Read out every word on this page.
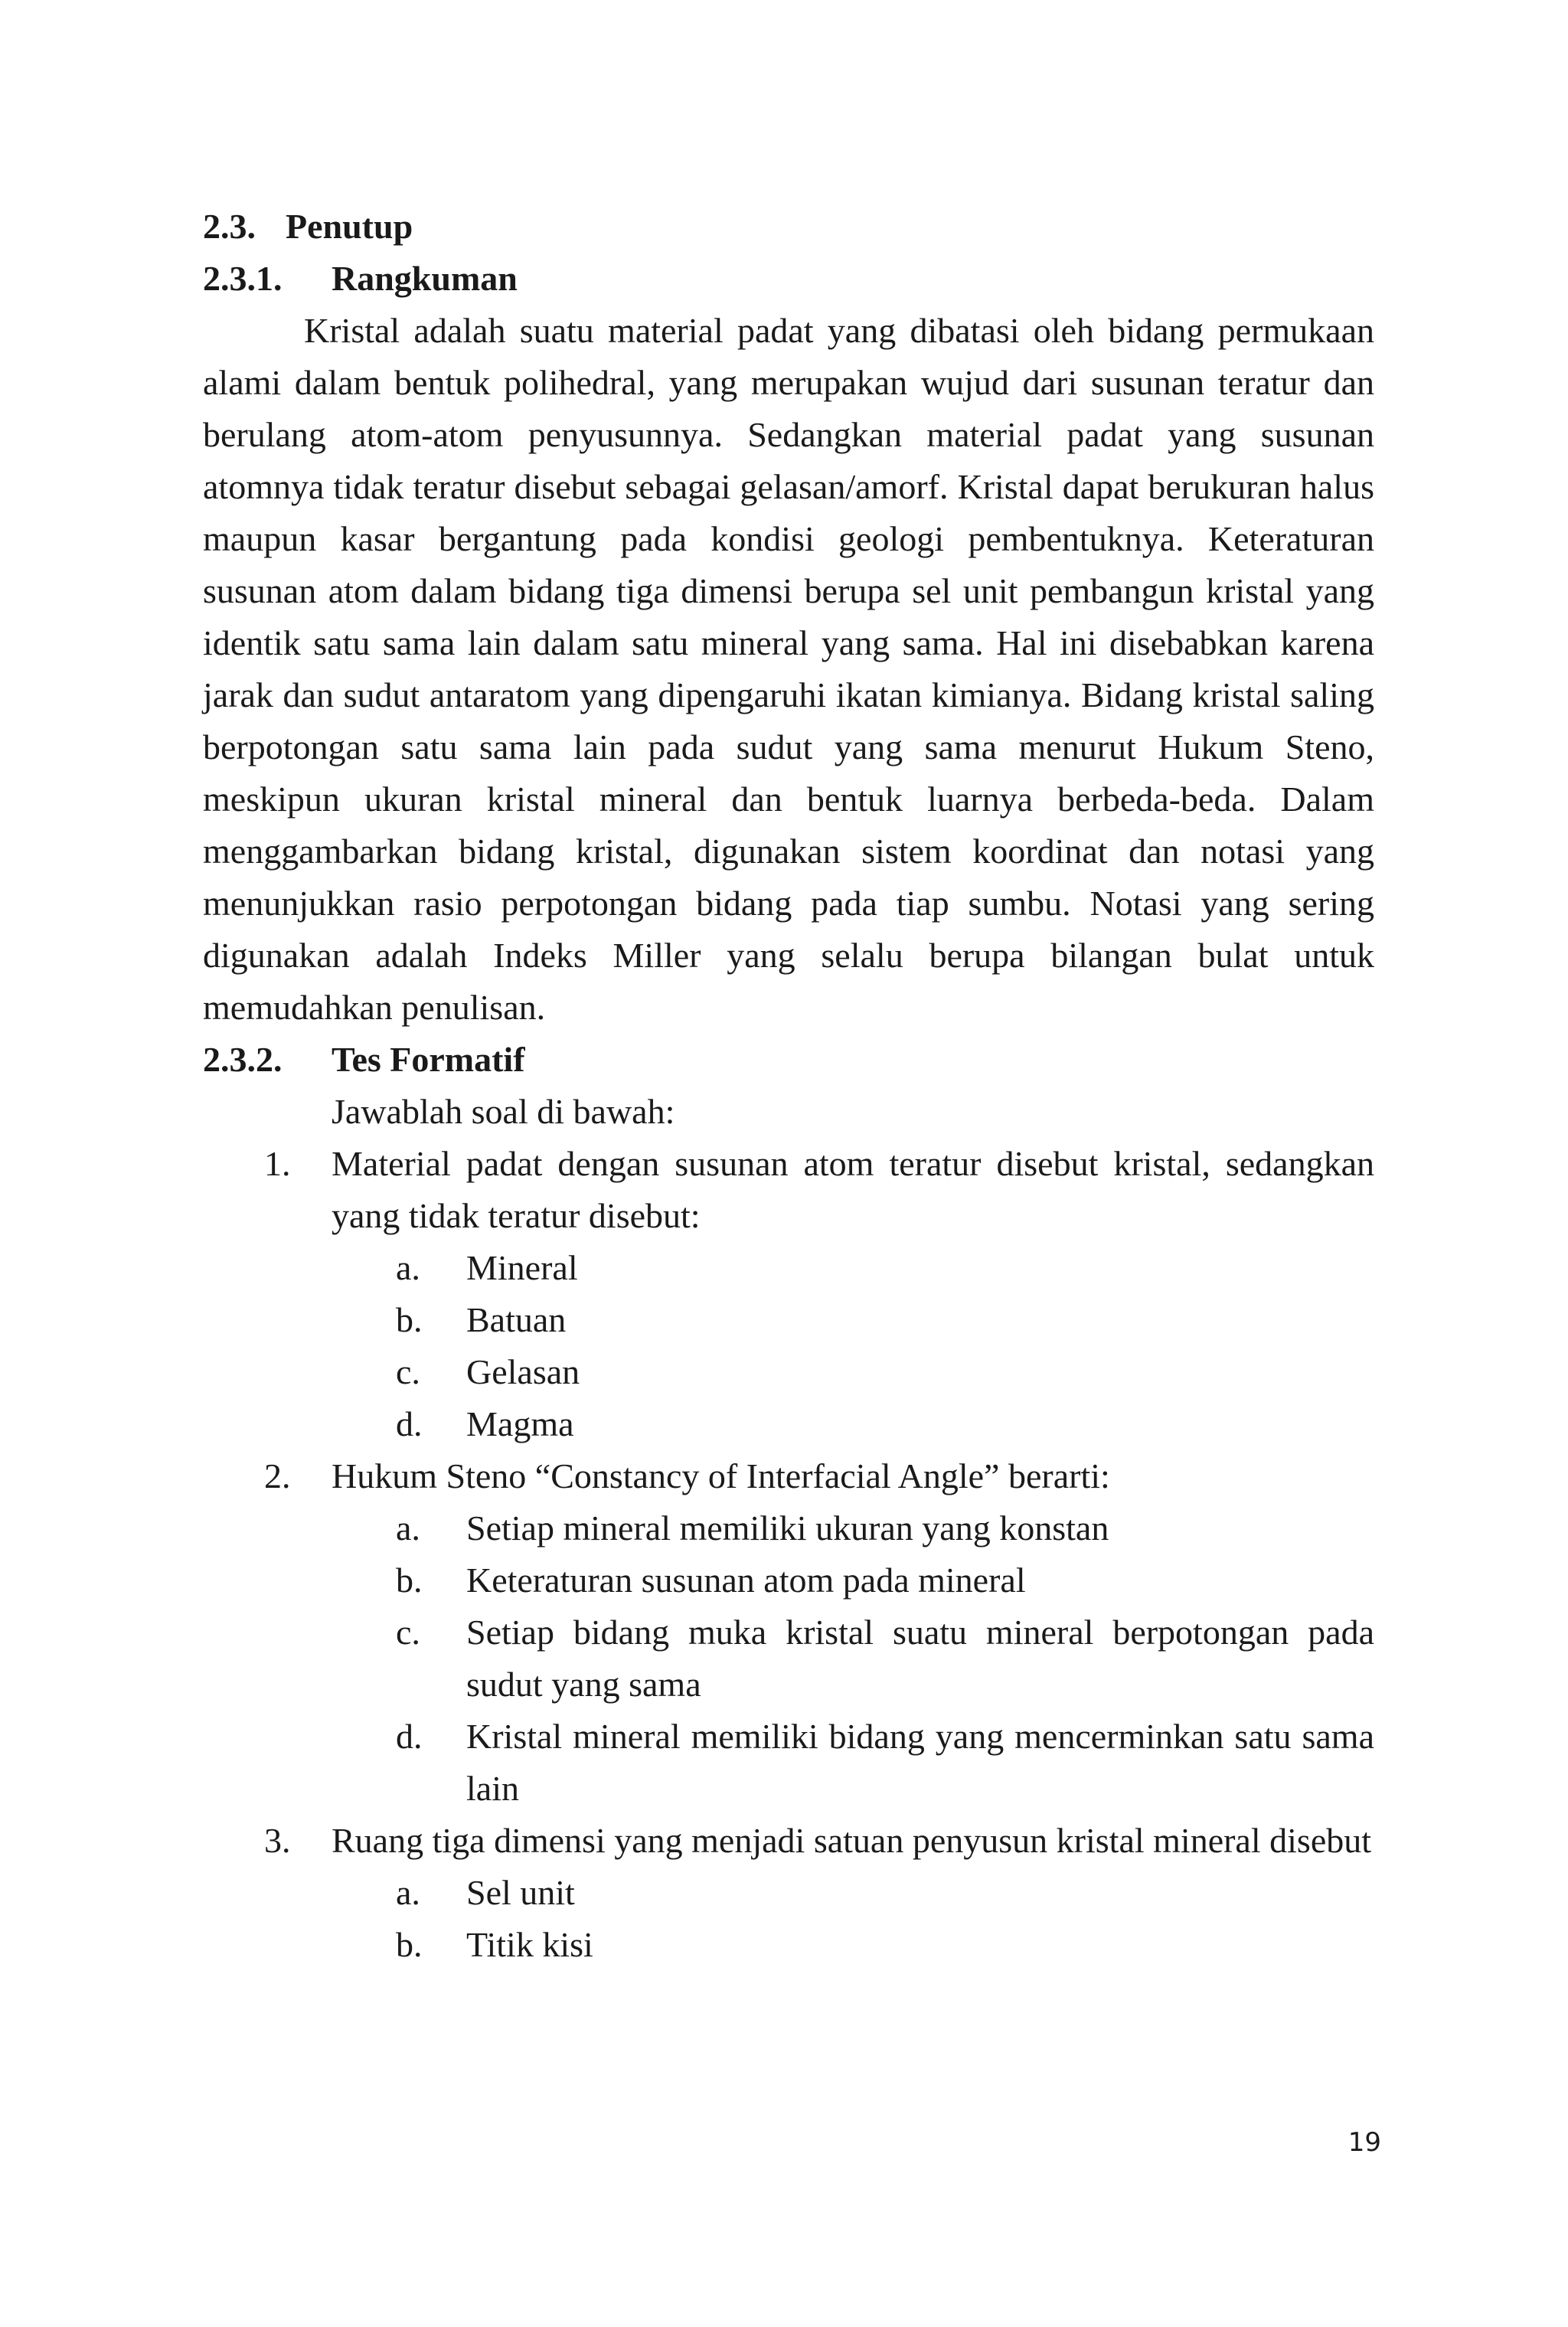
2.3. Penutup
2.3.1.	Rangkuman

Kristal adalah suatu material padat yang dibatasi oleh bidang permukaan alami dalam bentuk polihedral, yang merupakan wujud dari susunan teratur dan berulang atom-atom penyusunnya. Sedangkan material padat yang susunan atomnya tidak teratur disebut sebagai gelasan/amorf. Kristal dapat berukuran halus maupun kasar bergantung pada kondisi geologi pembentuknya. Keteraturan susunan atom dalam bidang tiga dimensi berupa sel unit pembangun kristal yang identik satu sama lain dalam satu mineral yang sama. Hal ini disebabkan karena jarak dan sudut antaratom yang dipengaruhi ikatan kimianya. Bidang kristal saling berpotongan satu sama lain pada sudut yang sama menurut Hukum Steno, meskipun ukuran kristal mineral dan bentuk luarnya berbeda-beda. Dalam menggambarkan bidang kristal, digunakan sistem koordinat dan notasi yang menunjukkan rasio perpotongan bidang pada tiap sumbu. Notasi yang sering digunakan adalah Indeks Miller yang selalu berupa bilangan bulat untuk memudahkan penulisan.

2.3.2.	Tes Formatif
Jawablah soal di bawah:
1.	Material padat dengan susunan atom teratur disebut kristal, sedangkan yang tidak teratur disebut:
a.	Mineral
b.	Batuan
c.	Gelasan
d.	Magma
2.	Hukum Steno “Constancy of Interfacial Angle” berarti:
a.	Setiap mineral memiliki ukuran yang konstan
b.	Keteraturan susunan atom pada mineral
c.	Setiap bidang muka kristal suatu mineral berpotongan pada sudut yang sama
d.	Kristal mineral memiliki bidang yang mencerminkan satu sama lain
3.	Ruang tiga dimensi yang menjadi satuan penyusun kristal mineral disebut
a.	Sel unit
b.	Titik kisi
19
